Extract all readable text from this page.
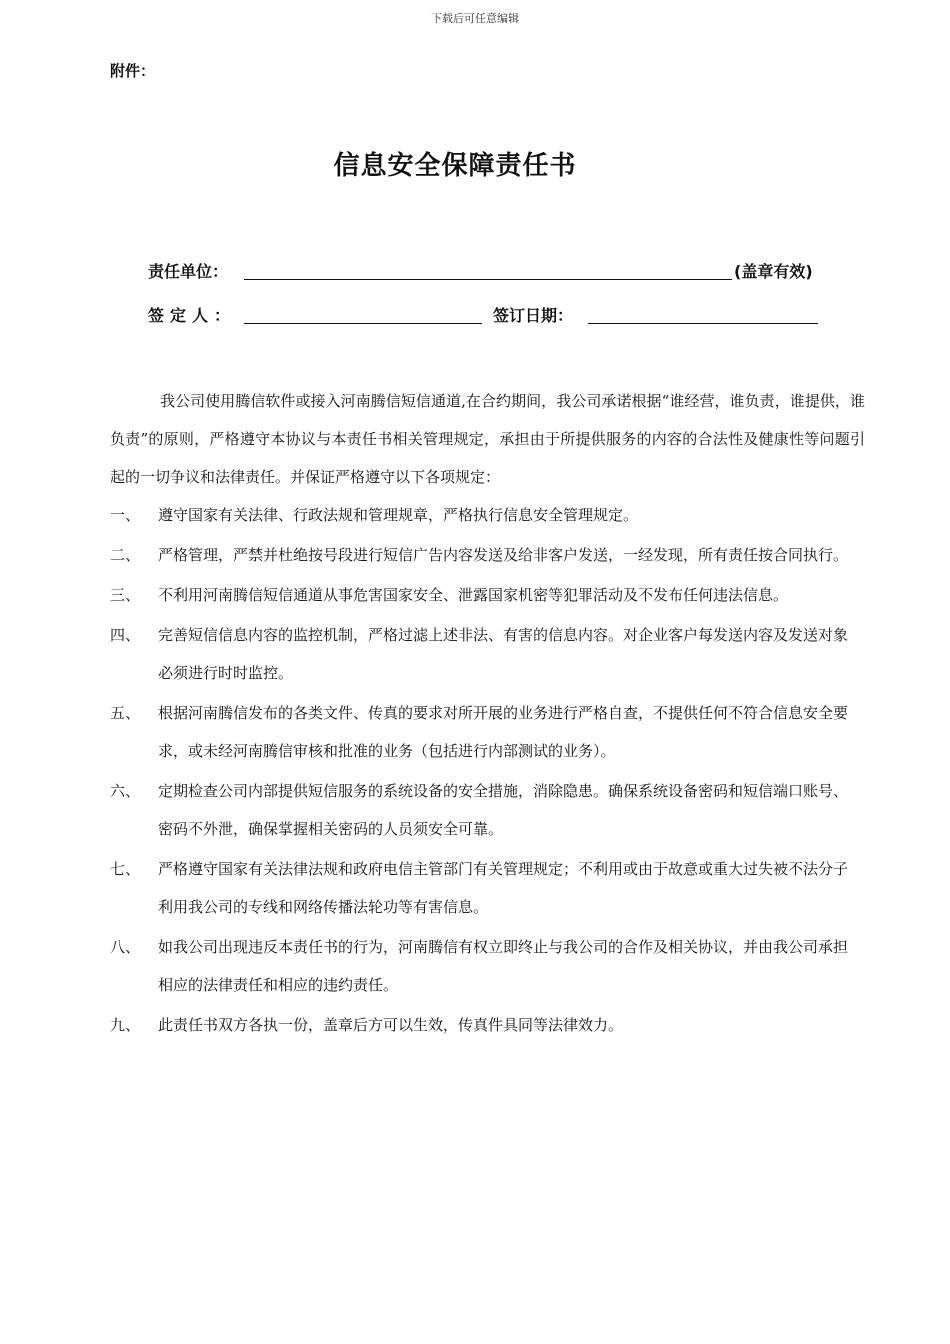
下载后可任意编辑
附件：
信息安全保障责任书
责任单位：	(盖章有效)
签定人：	签订日期：
我公司使用腾信软件或接入河南腾信短信通道,在合约期间，我公司承诺根据“谁经营，谁负责，谁提供，谁负责”的原则，严格遵守本协议与本责任书相关管理规定，承担由于所提供服务的内容的合法性及健康性等问题引起的一切争议和法律责任。并保证严格遵守以下各项规定：
一、 遵守国家有关法律、行政法规和管理规章，严格执行信息安全管理规定。
二、 严格管理，严禁并杜绝按号段进行短信广告内容发送及给非客户发送，一经发现，所有责任按合同执行。
三、 不利用河南腾信短信通道从事危害国家安全、泄露国家机密等犯罪活动及不发布任何违法信息。
四、 完善短信信息内容的监控机制，严格过滤上述非法、有害的信息内容。对企业客户每发送内容及发送对象必须进行时时监控。
五、 根据河南腾信发布的各类文件、传真的要求对所开展的业务进行严格自查，不提供任何不符合信息安全要求，或未经河南腾信审核和批准的业务（包括进行内部测试的业务）。
六、 定期检查公司内部提供短信服务的系统设备的安全措施，消除隐患。确保系统设备密码和短信端口账号、密码不外泄，确保掌握相关密码的人员须安全可靠。
七、 严格遵守国家有关法律法规和政府电信主管部门有关管理规定；不利用或由于故意或重大过失被不法分子利用我公司的专线和网络传播法轮功等有害信息。
八、 如我公司出现违反本责任书的行为，河南腾信有权立即终止与我公司的合作及相关协议，并由我公司承担相应的法律责任和相应的违约责任。
九、 此责任书双方各执一份，盖章后方可以生效，传真件具同等法律效力。
